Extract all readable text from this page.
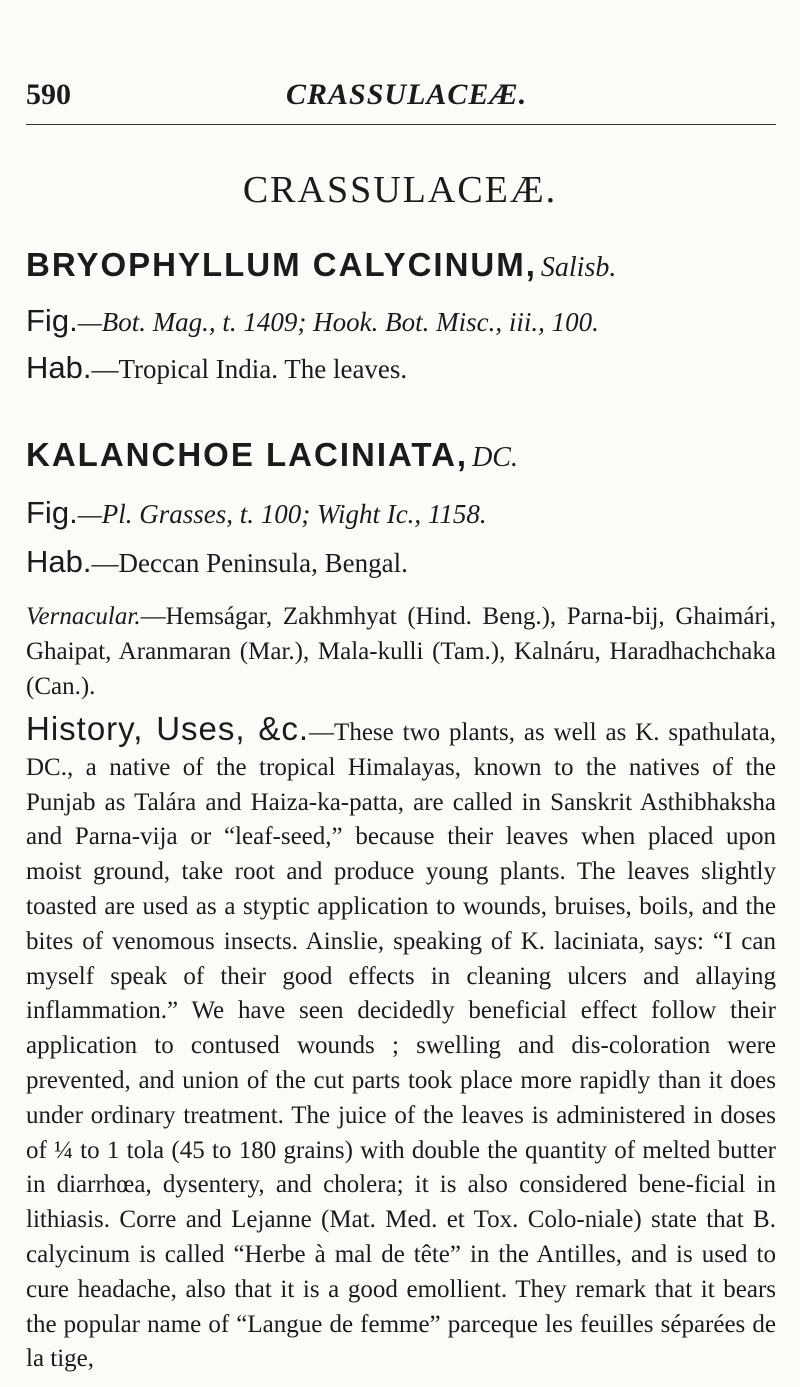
590	CRASSULACEÆ.
CRASSULACEÆ.
BRYOPHYLLUM CALYCINUM, Salisb.
Fig.—Bot. Mag., t. 1409; Hook. Bot. Misc., iii., 100.
Hab.—Tropical India. The leaves.
KALANCHOE LACINIATA, DC.
Fig.—Pl. Grasses, t. 100; Wight Ic., 1158.
Hab.—Deccan Peninsula, Bengal.
Vernacular.—Hemságar, Zakhmhyat (Hind. Beng.), Parna-bij, Ghaimári, Ghaipat, Aranmaran (Mar.), Mala-kulli (Tam.), Kalnáru, Haradhachchaka (Can.).
History, Uses, &c.—These two plants, as well as K. spathulata, DC., a native of the tropical Himalayas, known to the natives of the Punjab as Talára and Haiza-ka-patta, are called in Sanskrit Asthibhaksha and Parna-vija or “leaf-seed,” because their leaves when placed upon moist ground, take root and produce young plants. The leaves slightly toasted are used as a styptic application to wounds, bruises, boils, and the bites of venomous insects. Ainslie, speaking of K. laciniata, says: “I can myself speak of their good effects in cleaning ulcers and allaying inflammation.” We have seen decidedly beneficial effect follow their application to contused wounds ; swelling and dis-coloration were prevented, and union of the cut parts took place more rapidly than it does under ordinary treatment. The juice of the leaves is administered in doses of ¼ to 1 tola (45 to 180 grains) with double the quantity of melted butter in diarrhœa, dysentery, and cholera; it is also considered bene-ficial in lithiasis. Corre and Lejanne (Mat. Med. et Tox. Colo-niale) state that B. calycinum is called “Herbe à mal de tête” in the Antilles, and is used to cure headache, also that it is a good emollient. They remark that it bears the popular name of “Langue de femme” parceque les feuilles séparées de la tige,
